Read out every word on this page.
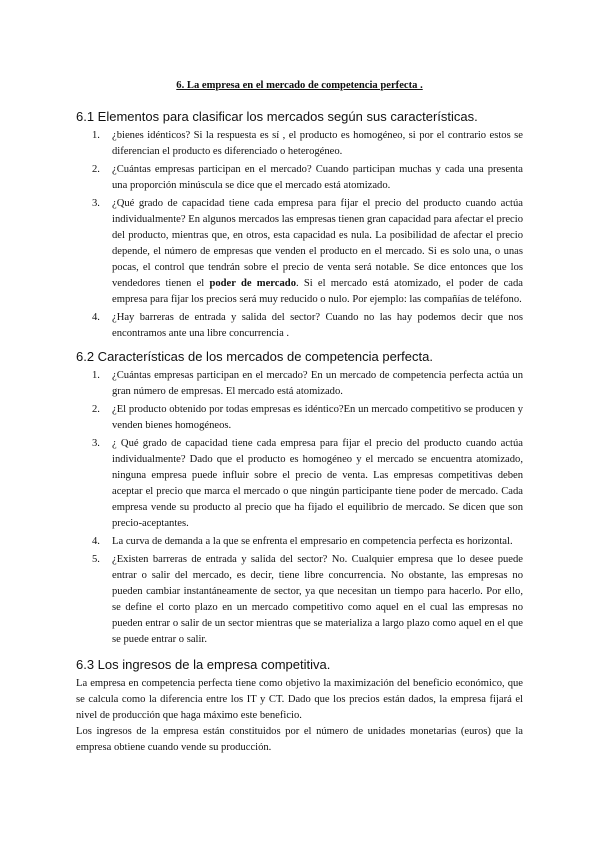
6. La empresa en el mercado de competencia perfecta .
6.1 Elementos para clasificar los mercados según sus características.
1. ¿bienes idénticos? Si la respuesta es sí , el producto es homogéneo, si por el contrario estos se diferencian el producto es diferenciado o heterogéneo.
2. ¿Cuántas empresas participan en el mercado? Cuando participan muchas y cada una presenta una proporción minúscula se dice que el mercado está atomizado.
3. ¿Qué grado de capacidad tiene cada empresa para fijar el precio del producto cuando actúa individualmente? En algunos mercados las empresas tienen gran capacidad para afectar el precio del producto, mientras que, en otros, esta capacidad es nula. La posibilidad de afectar el precio depende, el número de empresas que venden el producto en el mercado. Si es solo una, o unas pocas, el control que tendrán sobre el precio de venta será notable. Se dice entonces que los vendedores tienen el poder de mercado. Si el mercado está atomizado, el poder de cada empresa para fijar los precios será muy reducido o nulo. Por ejemplo: las compañías de teléfono.
4. ¿Hay barreras de entrada y salida del sector? Cuando no las hay podemos decir que nos encontramos ante una libre concurrencia .
6.2 Características de los mercados de competencia perfecta.
1. ¿Cuántas empresas participan en el mercado? En un mercado de competencia perfecta actúa un gran número de empresas. El mercado está atomizado.
2. ¿El producto obtenido por todas empresas es idéntico?En un mercado competitivo se producen y venden bienes homogéneos.
3. ¿ Qué grado de capacidad tiene cada empresa para fijar el precio del producto cuando actúa individualmente? Dado que el producto es homogéneo y el mercado se encuentra atomizado, ninguna empresa puede influir sobre el precio de venta. Las empresas competitivas deben aceptar el precio que marca el mercado o que ningún participante tiene poder de mercado. Cada empresa vende su producto al precio que ha fijado el equilibrio de mercado. Se dicen que son precio-aceptantes.
4. La curva de demanda a la que se enfrenta el empresario en competencia perfecta es horizontal.
5. ¿Existen barreras de entrada y salida del sector? No. Cualquier empresa que lo desee puede entrar o salir del mercado, es decir, tiene libre concurrencia. No obstante, las empresas no pueden cambiar instantáneamente de sector, ya que necesitan un tiempo para hacerlo. Por ello, se define el corto plazo en un mercado competitivo como aquel en el cual las empresas no pueden entrar o salir de un sector mientras que se materializa a largo plazo como aquel en el que se puede entrar o salir.
6.3 Los ingresos de la empresa competitiva.

La empresa en competencia perfecta tiene como objetivo la maximización del beneficio económico, que se calcula como la diferencia entre los IT y CT. Dado que los precios están dados, la empresa fijará el nivel de producción que haga máximo este beneficio.

Los ingresos de la empresa están constituidos por el número de unidades monetarias (euros) que la empresa obtiene cuando vende su producción.
